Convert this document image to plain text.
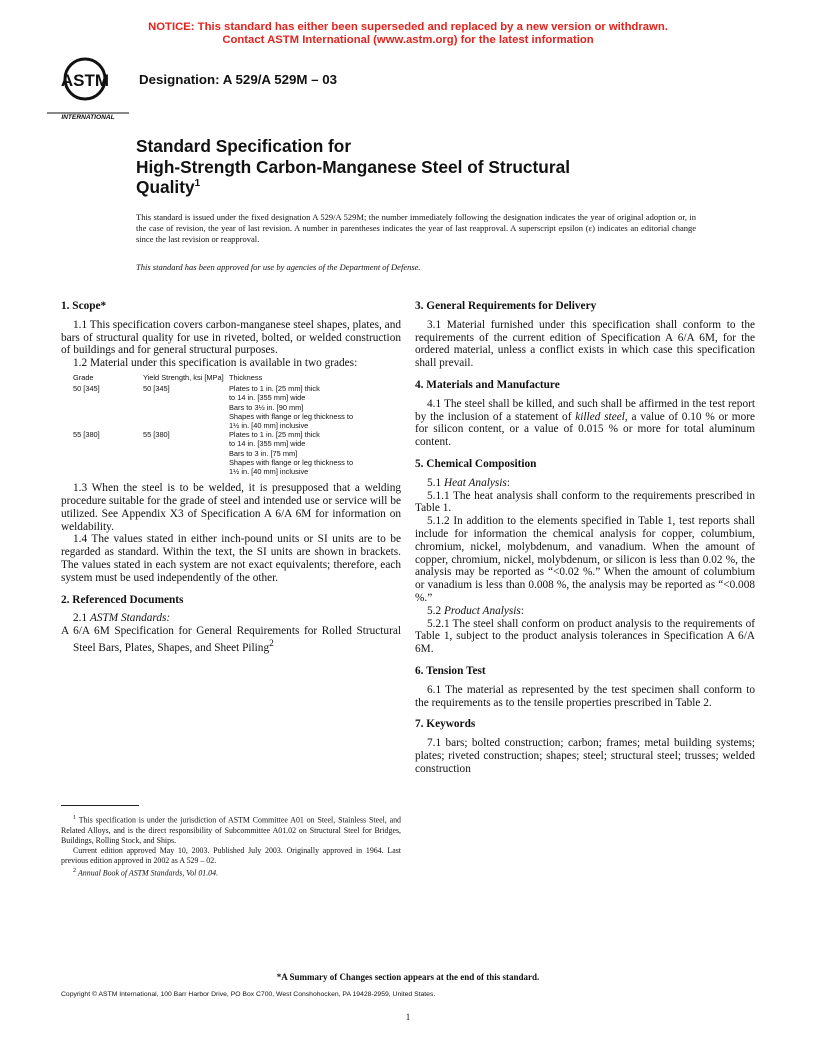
NOTICE: This standard has either been superseded and replaced by a new version or withdrawn.
Contact ASTM International (www.astm.org) for the latest information
ASTM
INTERNATIONAL
Designation: A 529/A 529M – 03
Standard Specification for
High-Strength Carbon-Manganese Steel of Structural
Quality$^1$
This standard is issued under the fixed designation A 529/A 529M; the number immediately following the designation indicates the year of original adoption or, in the case of revision, the year of last revision. A number in parentheses indicates the year of last reapproval. A superscript epsilon (ε) indicates an editorial change since the last revision or reapproval.
This standard has been approved for use by agencies of the Department of Defense.
1. Scope*

1.1 This specification covers carbon-manganese steel shapes, plates, and bars of structural quality for use in riveted, bolted, or welded construction of buildings and for general structural purposes.

1.2 Material under this specification is available in two grades:

Grade	Yield Strength, ksi [MPa]	Thickness
50 [345]	50 [345]	Plates to 1 in. [25 mm] thick
to 14 in. [355 mm] wide
Bars to 3½ in. [90 mm]
Shapes with flange or leg thickness to
1½ in. [40 mm] inclusive

55 [380]	55 [380]	Plates to 1 in. [25 mm] thick
to 14 in. [355 mm] wide
Bars to 3 in. [75 mm]
Shapes with flange or leg thickness to
1½ in. [40 mm] inclusive

1.3 When the steel is to be welded, it is presupposed that a welding procedure suitable for the grade of steel and intended use or service will be utilized. See Appendix X3 of Specification A 6/A 6M for information on weldability.

1.4 The values stated in either inch-pound units or SI units are to be regarded as standard. Within the text, the SI units are shown in brackets. The values stated in each system are not exact equivalents; therefore, each system must be used independently of the other.

2. Referenced Documents

2.1 ASTM Standards:

A 6/A 6M Specification for General Requirements for Rolled Structural Steel Bars, Plates, Shapes, and Sheet Piling$^2$

3. General Requirements for Delivery

3.1 Material furnished under this specification shall conform to the requirements of the current edition of Specification A 6/A 6M, for the ordered material, unless a conflict exists in which case this specification shall prevail.

4. Materials and Manufacture

4.1 The steel shall be killed, and such shall be affirmed in the test report by the inclusion of a statement of killed steel, a value of 0.10 % or more for silicon content, or a value of 0.015 % or more for total aluminum content.

5. Chemical Composition

5.1 Heat Analysis:

5.1.1 The heat analysis shall conform to the requirements prescribed in Table 1.

5.1.2 In addition to the elements specified in Table 1, test reports shall include for information the chemical analysis for copper, columbium, chromium, nickel, molybdenum, and vanadium. When the amount of copper, chromium, nickel, molybdenum, or silicon is less than 0.02 %, the analysis may be reported as “<0.02 %.” When the amount of columbium or vanadium is less than 0.008 %, the analysis may be reported as “<0.008 %.”

5.2 Product Analysis:

5.2.1 The steel shall conform on product analysis to the requirements of Table 1, subject to the product analysis tolerances in Specification A 6/A 6M.

6. Tension Test

6.1 The material as represented by the test specimen shall conform to the requirements as to the tensile properties prescribed in Table 2.

7. Keywords

7.1 bars; bolted construction; carbon; frames; metal building systems; plates; riveted construction; shapes; steel; structural steel; trusses; welded construction

$^1$ This specification is under the jurisdiction of ASTM Committee A01 on Steel, Stainless Steel, and Related Alloys, and is the direct responsibility of Subcommittee A01.02 on Structural Steel for Bridges, Buildings, Rolling Stock, and Ships.

Current edition approved May 10, 2003. Published July 2003. Originally approved in 1964. Last previous edition approved in 2002 as A 529 – 02.

$^2$ Annual Book of ASTM Standards, Vol 01.04.

*A Summary of Changes section appears at the end of this standard.
Copyright © ASTM International, 100 Barr Harbor Drive, PO Box C700, West Conshohocken, PA 19428-2959, United States.
1
